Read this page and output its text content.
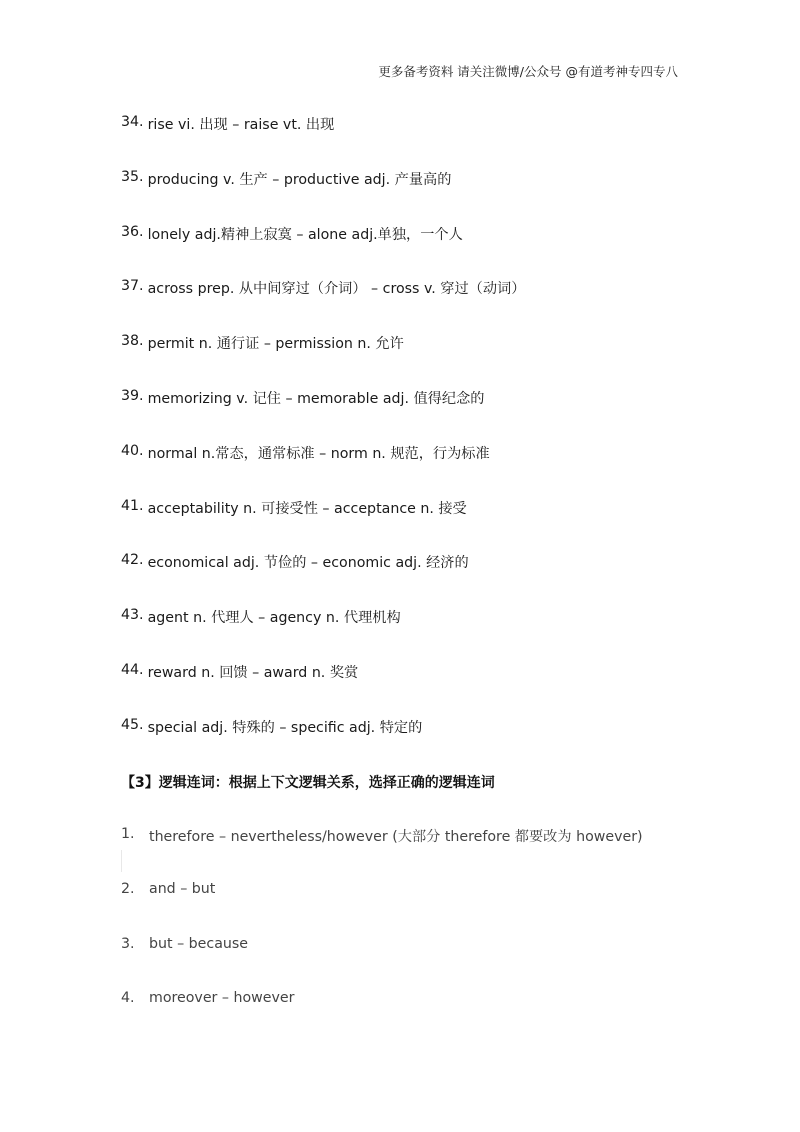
更多备考资料 请关注微博/公众号 @有道考神专四专八
34. rise vi. 出现 – raise vt. 出现
35. producing v. 生产 – productive adj. 产量高的
36. lonely adj.精神上寂寞 – alone adj.单独，一个人
37. across prep. 从中间穿过（介词） – cross v. 穿过（动词）
38. permit n. 通行证 – permission n. 允许
39. memorizing v. 记住 – memorable adj. 值得纪念的
40. normal n.常态，通常标准 – norm n. 规范，行为标准
41. acceptability n. 可接受性 – acceptance n. 接受
42. economical adj. 节俭的 – economic adj. 经济的
43. agent n. 代理人 – agency n. 代理机构
44. reward n. 回馈 – award n. 奖赏
45. special adj. 特殊的 – specific adj. 特定的
【3】逻辑连词：根据上下文逻辑关系，选择正确的逻辑连词
1.	therefore – nevertheless/however (大部分 therefore 都要改为 however)
2.	and – but
3.	but – because
4.	moreover – however
